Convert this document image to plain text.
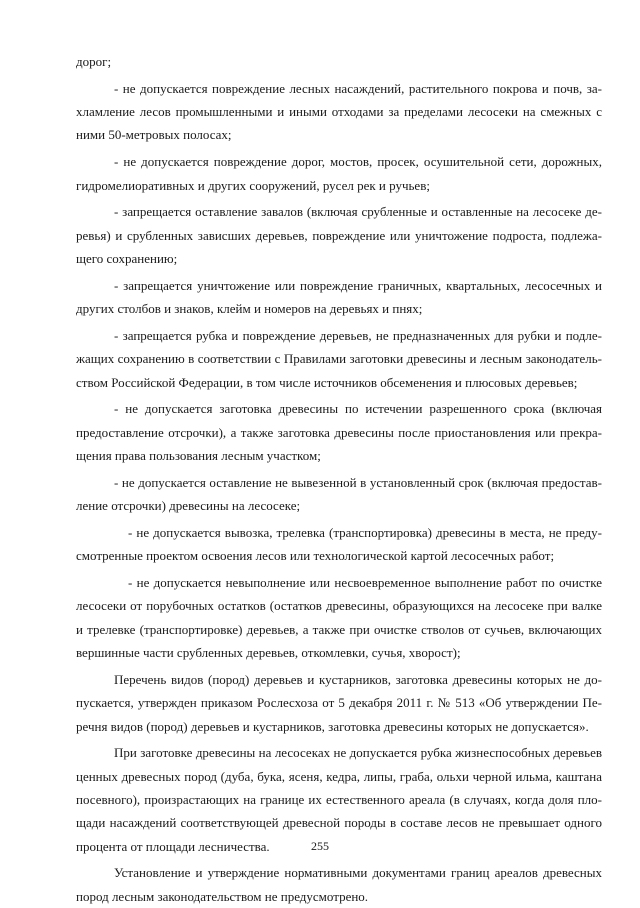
дорог;
- не допускается повреждение лесных насаждений, растительного покрова и почв, за-
хламление лесов промышленными и иными отходами за пределами лесосеки на смежных с
ними 50-метровых полосах;
- не допускается повреждение дорог, мостов, просек, осушительной сети, дорожных,
гидромелиоративных и других сооружений, русел рек и ручьев;
- запрещается оставление завалов (включая срубленные и оставленные на лесосеке де-
ревья) и срубленных зависших деревьев, повреждение или уничтожение подроста, подлежа-
щего сохранению;
- запрещается уничтожение или повреждение граничных, квартальных, лесосечных и
других столбов и знаков, клейм и номеров на деревьях и пнях;
- запрещается рубка и повреждение деревьев, не предназначенных для рубки и подле-
жащих сохранению в соответствии с Правилами заготовки древесины и лесным законодатель-
ством Российской Федерации, в том числе источников обсеменения и плюсовых деревьев;
- не допускается заготовка древесины по истечении разрешенного срока (включая
предоставление отсрочки), а также заготовка древесины после приостановления или прекра-
щения права пользования лесным участком;
- не допускается оставление не вывезенной в установленный срок (включая предостав-
ление отсрочки) древесины на лесосеке;
- не допускается вывозка, трелевка (транспортировка) древесины в места, не преду-
смотренные проектом освоения лесов или технологической картой лесосечных работ;
- не допускается невыполнение или несвоевременное выполнение работ по очистке
лесосеки от порубочных остатков (остатков древесины, образующихся на лесосеке при валке
и трелевке (транспортировке) деревьев, а также при очистке стволов от сучьев, включающих
вершинные части срубленных деревьев, откомлевки, сучья, хворост);
Перечень видов (пород) деревьев и кустарников, заготовка древесины которых не до-
пускается, утвержден приказом Рослесхоза от 5 декабря 2011 г. № 513 «Об утверждении Пе-
речня видов (пород) деревьев и кустарников, заготовка древесины которых не допускается».
При заготовке древесины на лесосеках не допускается рубка жизнеспособных деревьев
ценных древесных пород (дуба, бука, ясеня, кедра, липы, граба, ольхи черной ильма, каштана
посевного), произрастающих на границе их естественного ареала (в случаях, когда доля пло-
щади насаждений соответствующей древесной породы в составе лесов не превышает одного
процента от площади лесничества.
Установление и утверждение нормативными документами границ ареалов древесных
пород лесным законодательством не предусмотрено.
255
